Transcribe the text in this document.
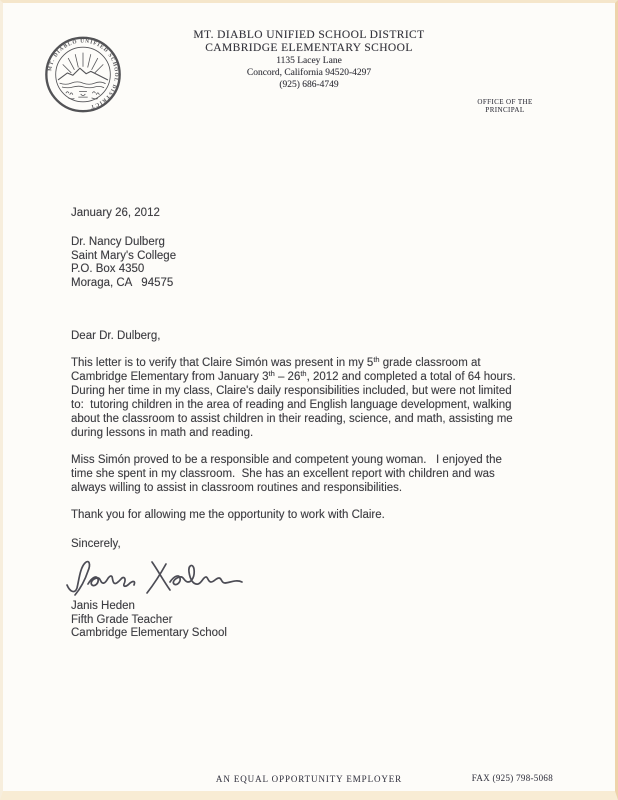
MT. DIABLO UNIFIED SCHOOL DISTRICT
MT. DIABLO UNIFIED SCHOOL DISTRICT
CAMBRIDGE ELEMENTARY SCHOOL
1135 Lacey Lane
Concord, California 94520-4297
(925) 686-4749
OFFICE OF THE
PRINCIPAL
January 26, 2012
Dr. Nancy Dulberg
Saint Mary's College
P.O. Box 4350
Moraga, CA   94575
Dear Dr. Dulberg,
This letter is to verify that Claire Simón was present in my 5th grade classroom at
Cambridge Elementary from January 3th – 26th, 2012 and completed a total of 64 hours.
During her time in my class, Claire's daily responsibilities included, but were not limited
to:  tutoring children in the area of reading and English language development, walking
about the classroom to assist children in their reading, science, and math, assisting me
during lessons in math and reading.
Miss Simón proved to be a responsible and competent young woman.   I enjoyed the
time she spent in my classroom.  She has an excellent report with children and was
always willing to assist in classroom routines and responsibilities.
Thank you for allowing me the opportunity to work with Claire.
Sincerely,
Janis Heden
Fifth Grade Teacher
Cambridge Elementary School
AN EQUAL OPPORTUNITY EMPLOYER	FAX (925) 798-5068
